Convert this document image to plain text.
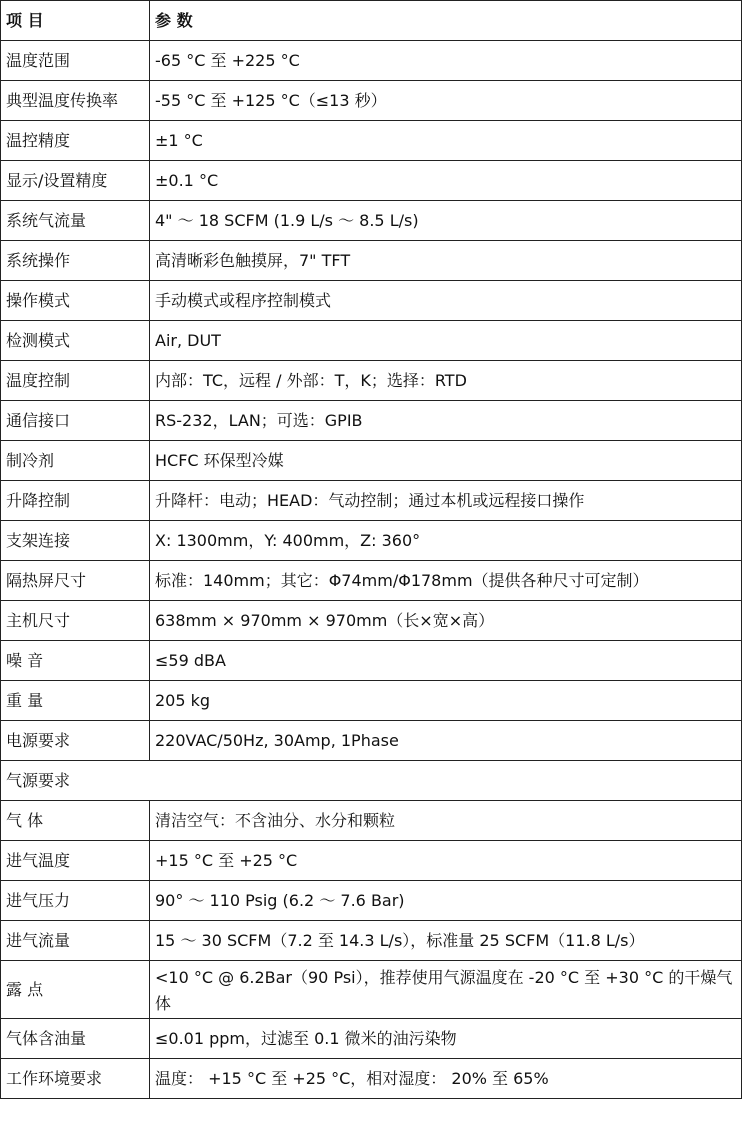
项 目	参 数
温度范围	-65 °C 至 +225 °C
典型温度传换率	-55 °C 至 +125 °C（≤13 秒）
温控精度	±1 °C
显示/设置精度	±0.1 °C
系统气流量	4" ～ 18 SCFM (1.9 L/s ～ 8.5 L/s)
系统操作	高清晰彩色触摸屏，7" TFT
操作模式	手动模式或程序控制模式
检测模式	Air, DUT
温度控制	内部：TC，远程 / 外部：T，K；选择：RTD
通信接口	RS-232，LAN；可选：GPIB
制冷剂	HCFC 环保型冷媒
升降控制	升降杆：电动；HEAD：气动控制；通过本机或远程接口操作
支架连接	X: 1300mm，Y: 400mm，Z: 360°
隔热屏尺寸	标准：140mm；其它：Φ74mm/Φ178mm（提供各种尺寸可定制）
主机尺寸	638mm × 970mm × 970mm（长×宽×高）
噪 音	≤59 dBA
重 量	205 kg
电源要求	220VAC/50Hz, 30Amp, 1Phase
气源要求	
气 体	清洁空气：不含油分、水分和颗粒
进气温度	+15 °C 至 +25 °C
进气压力	90° ～ 110 Psig (6.2 ～ 7.6 Bar)
进气流量	15 ～ 30 SCFM（7.2 至 14.3 L/s），标准量 25 SCFM（11.8 L/s）
露 点	<10 °C @ 6.2Bar（90 Psi），推荐使用气源温度在 -20 °C 至 +30 °C 的干燥气体
气体含油量	≤0.01 ppm，过滤至 0.1 微米的油污染物
工作环境要求	温度： +15 °C 至 +25 °C，相对湿度： 20% 至 65%
